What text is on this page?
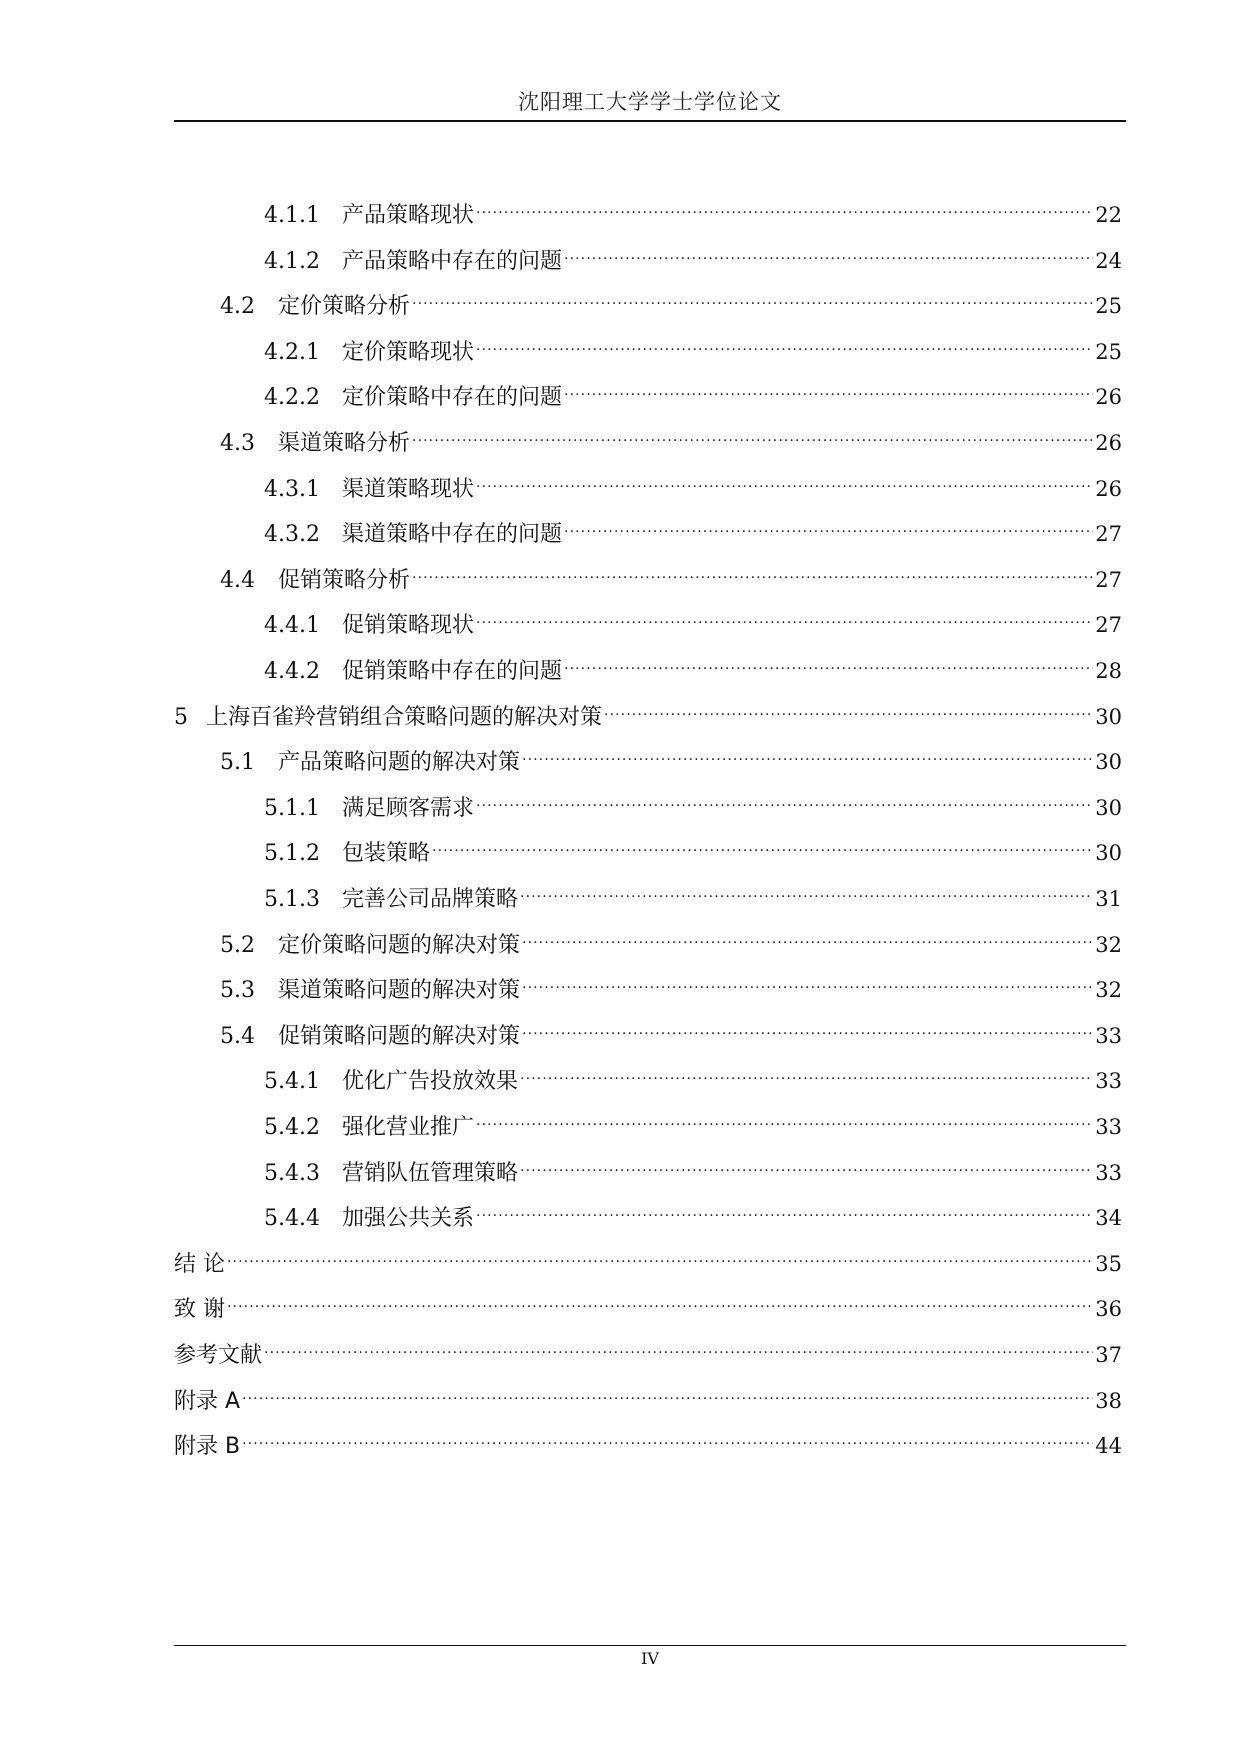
沈阳理工大学学士学位论文
4.1.1	产品策略现状 .....	22
4.1.2	产品策略中存在的问题 .....	24
4.2	定价策略分析 .....	25
4.2.1	定价策略现状 .....	25
4.2.2	定价策略中存在的问题 .....	26
4.3	渠道策略分析 .....	26
4.3.1	渠道策略现状 .....	26
4.3.2	渠道策略中存在的问题 .....	27
4.4	促销策略分析 .....	27
4.4.1	促销策略现状 .....	27
4.4.2	促销策略中存在的问题 .....	28
5 上海百雀羚营销组合策略问题的解决对策 .....	30
5.1	产品策略问题的解决对策 .....	30
5.1.1	满足顾客需求 .....	30
5.1.2	包装策略 .....	30
5.1.3	完善公司品牌策略 .....	31
5.2	定价策略问题的解决对策 .....	32
5.3	渠道策略问题的解决对策 .....	32
5.4	促销策略问题的解决对策 .....	33
5.4.1	优化广告投放效果 .....	33
5.4.2	强化营业推广 .....	33
5.4.3	营销队伍管理策略 .....	33
5.4.4	加强公共关系 .....	34
结 论 .....	35
致 谢 .....	36
参考文献 .....	37
附录 A .....	38
附录 B .....	44
IV
